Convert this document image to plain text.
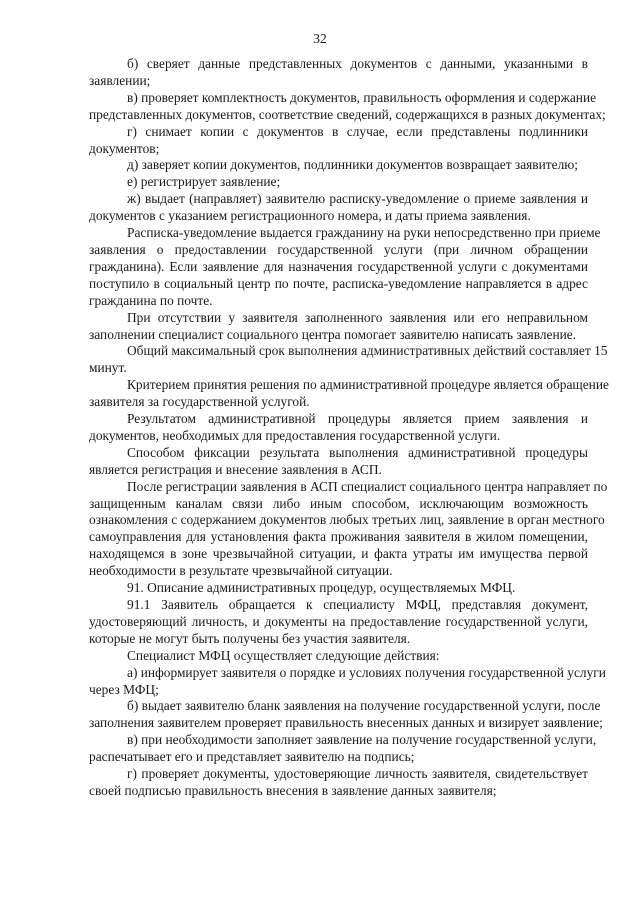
32
б) сверяет данные представленных документов с данными, указанными в
заявлении;
в) проверяет комплектность документов, правильность оформления и содержание
представленных документов, соответствие сведений, содержащихся в разных документах;
г) снимает копии с документов в случае, если представлены подлинники
документов;
д) заверяет копии документов, подлинники документов возвращает заявителю;
е) регистрирует заявление;
ж) выдает (направляет) заявителю расписку-уведомление о приеме заявления и
документов с указанием регистрационного номера, и даты приема заявления.
Расписка-уведомление выдается гражданину на руки непосредственно при приеме
заявления о предоставлении государственной услуги (при личном обращении
гражданина). Если заявление для назначения государственной услуги с документами
поступило в социальный центр по почте, расписка-уведомление направляется в адрес
гражданина по почте.
При отсутствии у заявителя заполненного заявления или его неправильном
заполнении специалист социального центра помогает заявителю написать заявление.
Общий максимальный срок выполнения административных действий составляет 15
минут.
Критерием принятия решения по административной процедуре является обращение
заявителя за государственной услугой.
Результатом административной процедуры является прием заявления и
документов, необходимых для предоставления государственной услуги.
Способом фиксации результата выполнения административной процедуры
является регистрация и внесение заявления в АСП.
После регистрации заявления в АСП специалист социального центра направляет по
защищенным каналам связи либо иным способом, исключающим возможность
ознакомления с содержанием документов любых третьих лиц, заявление в орган местного
самоуправления для установления факта проживания заявителя в жилом помещении,
находящемся в зоне чрезвычайной ситуации, и факта утраты им имущества первой
необходимости в результате чрезвычайной ситуации.
91. Описание административных процедур, осуществляемых МФЦ.
91.1 Заявитель обращается к специалисту МФЦ, представляя документ,
удостоверяющий личность, и документы на предоставление государственной услуги,
которые не могут быть получены без участия заявителя.
Специалист МФЦ осуществляет следующие действия:
а) информирует заявителя о порядке и условиях получения государственной услуги
через МФЦ;
б) выдает заявителю бланк заявления на получение государственной услуги, после
заполнения заявителем проверяет правильность внесенных данных и визирует заявление;
в) при необходимости заполняет заявление на получение государственной услуги,
распечатывает его и представляет заявителю на подпись;
г) проверяет документы, удостоверяющие личность заявителя, свидетельствует
своей подписью правильность внесения в заявление данных заявителя;
